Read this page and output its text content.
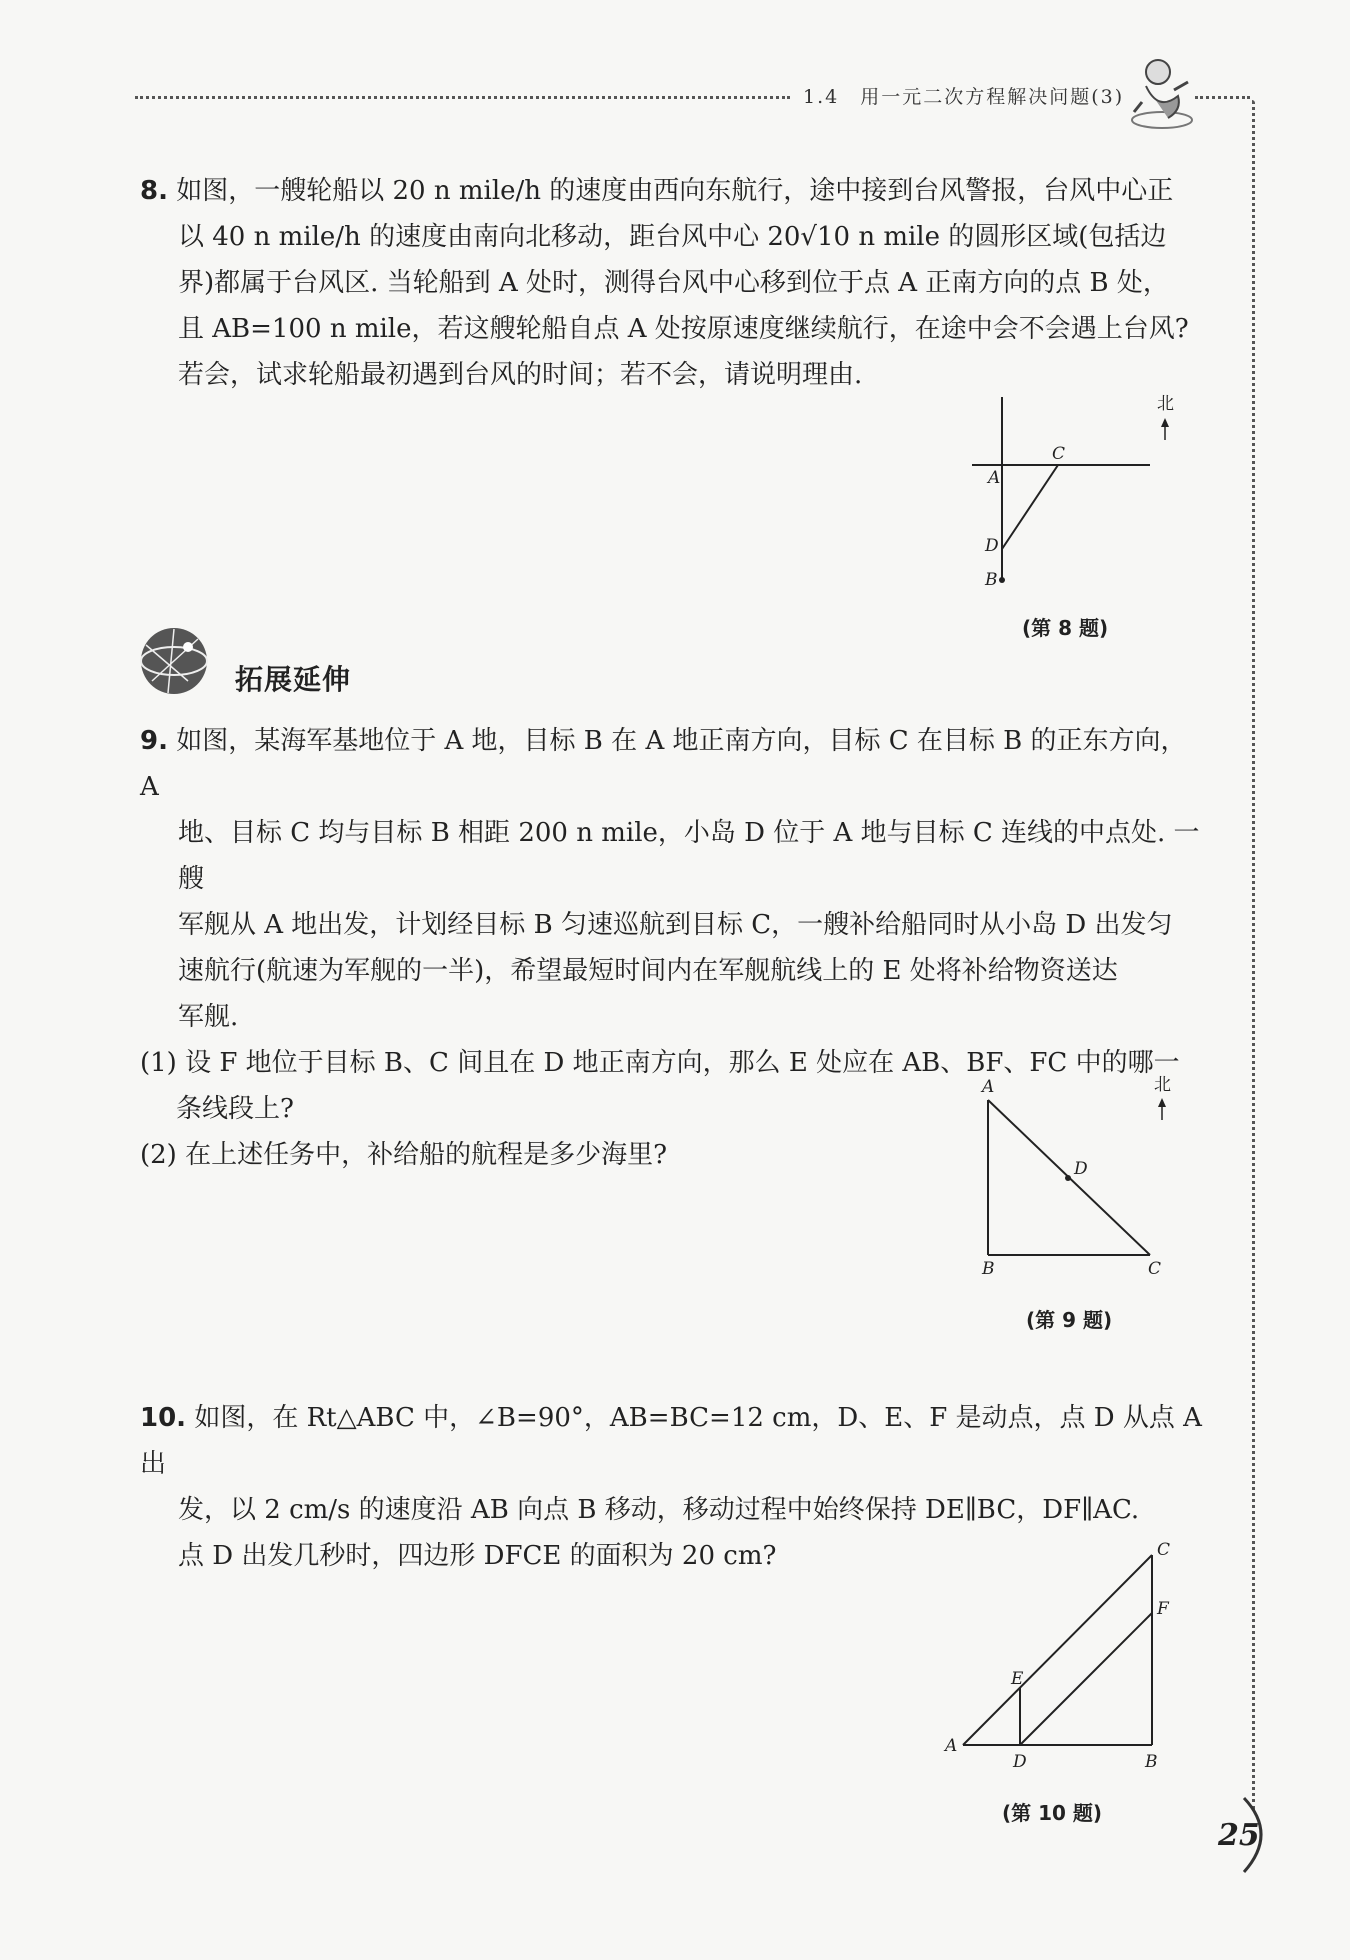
1.4　用一元二次方程解决问题(3)

8. 如图，一艘轮船以 20 n mile/h 的速度由西向东航行，途中接到台风警报，台风中心正

以 40 n mile/h 的速度由南向北移动，距台风中心 20√10 n mile 的圆形区域(包括边

界)都属于台风区. 当轮船到 A 处时，测得台风中心移到位于点 A 正南方向的点 B 处，

且 AB=100 n mile，若这艘轮船自点 A 处按原速度继续航行，在途中会不会遇上台风?

若会，试求轮船最初遇到台风的时间；若不会，请说明理由.

北
A
C
D
B
(第 8 题)
拓展延伸

9. 如图，某海军基地位于 A 地，目标 B 在 A 地正南方向，目标 C 在目标 B 的正东方向，A

地、目标 C 均与目标 B 相距 200 n mile，小岛 D 位于 A 地与目标 C 连线的中点处. 一艘

军舰从 A 地出发，计划经目标 B 匀速巡航到目标 C，一艘补给船同时从小岛 D 出发匀

速航行(航速为军舰的一半)，希望最短时间内在军舰航线上的 E 处将补给物资送达

军舰.

(1) 设 F 地位于目标 B、C 间且在 D 地正南方向，那么 E 处应在 AB、BF、FC 中的哪一
条线段上?

(2) 在上述任务中，补给船的航程是多少海里?

北
A
D
B	C
(第 9 题)

10. 如图，在 Rt△ABC 中，∠B=90°，AB=BC=12 cm，D、E、F 是动点，点 D 从点 A 出

发，以 2 cm/s 的速度沿 AB 向点 B 移动，移动过程中始终保持 DE∥BC，DF∥AC.

点 D 出发几秒时，四边形 DFCE 的面积为 20 cm?	C
F
E
A
D	B
(第 10 题)
25
